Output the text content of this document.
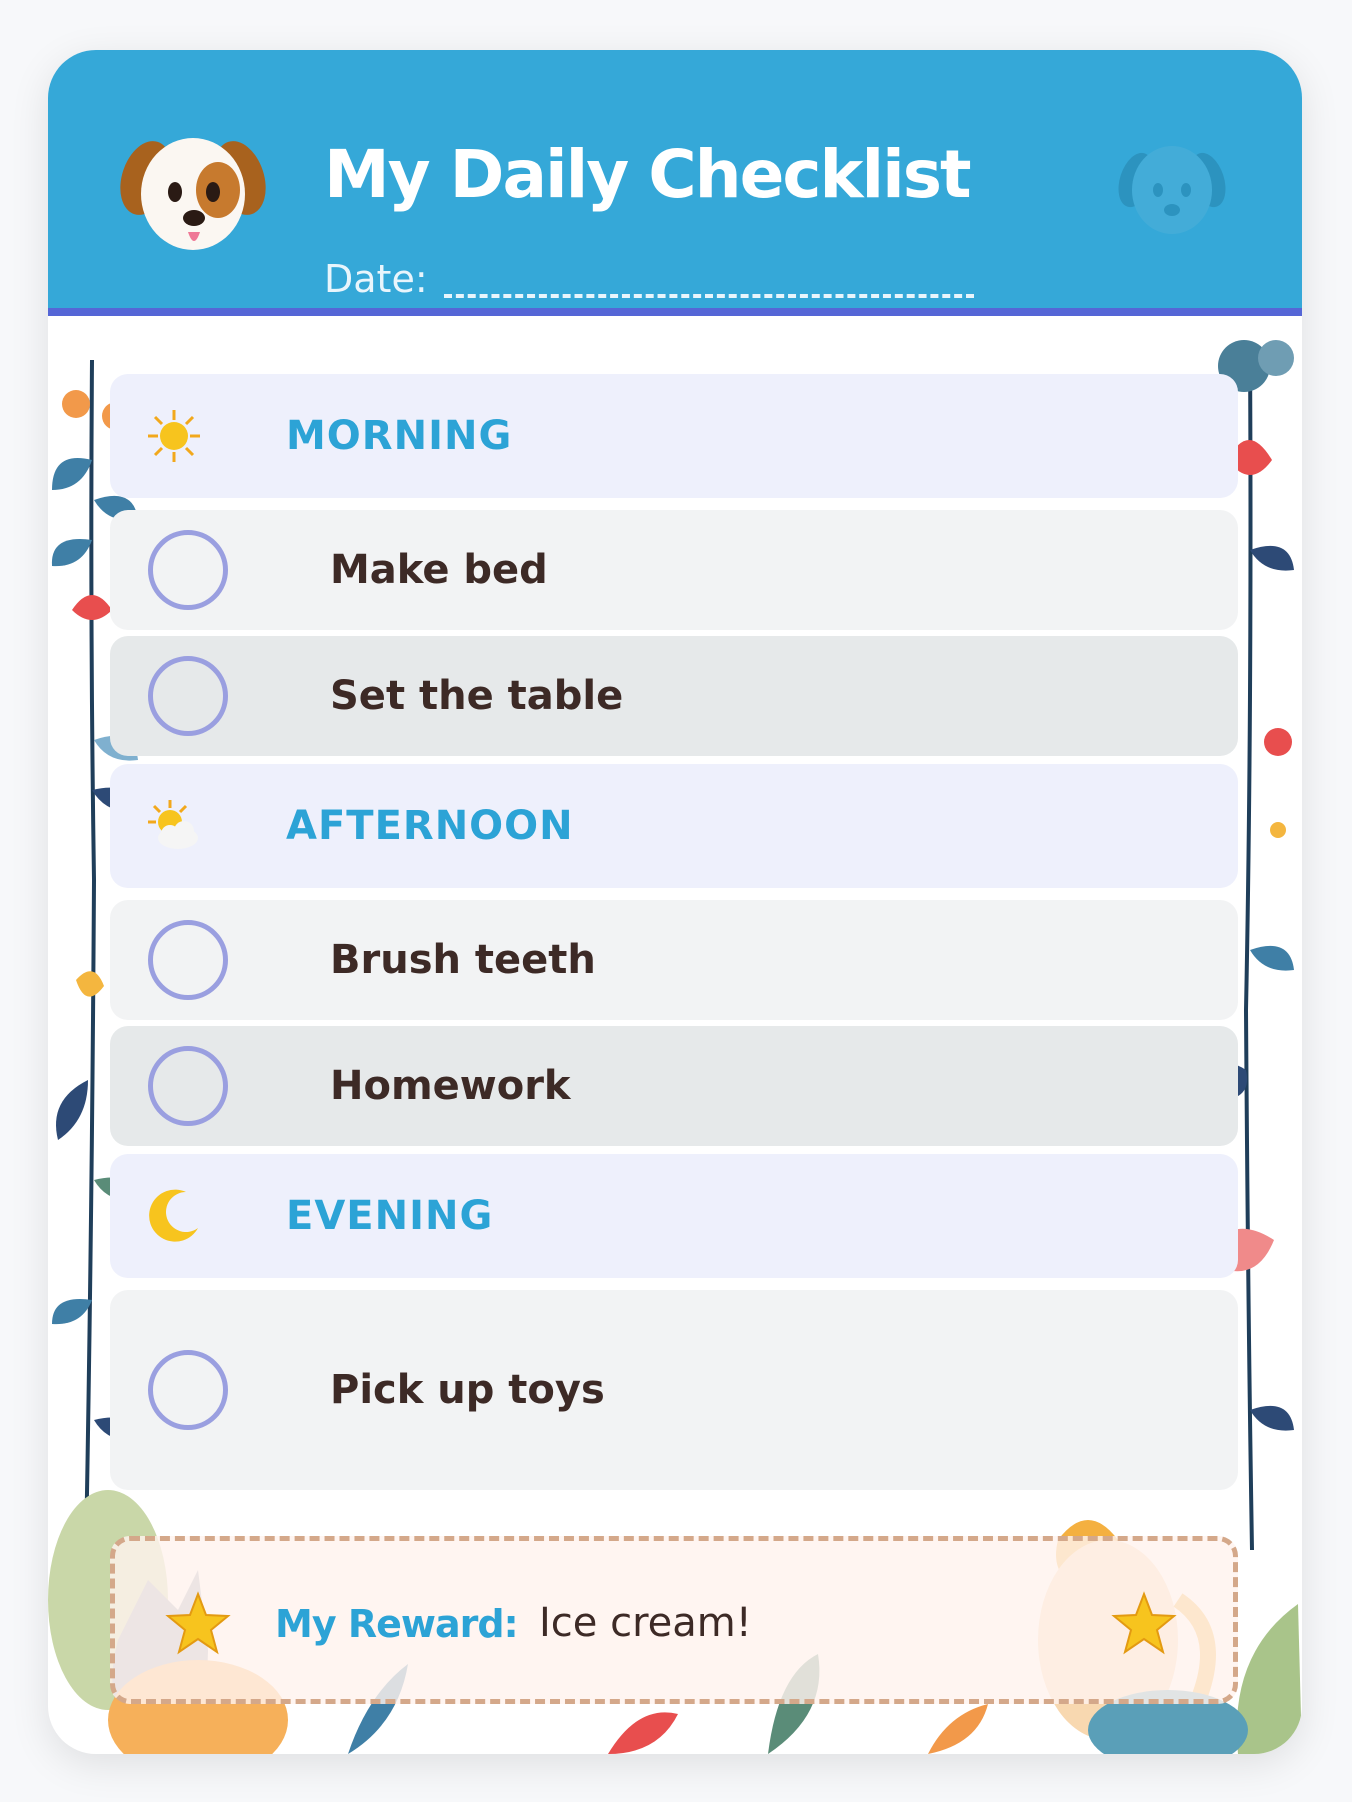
My Daily Checklist
Date:
MORNING
Make bed
Set the table
AFTERNOON
Brush teeth
Homework
EVENING
Pick up toys
My Reward: Ice cream!
